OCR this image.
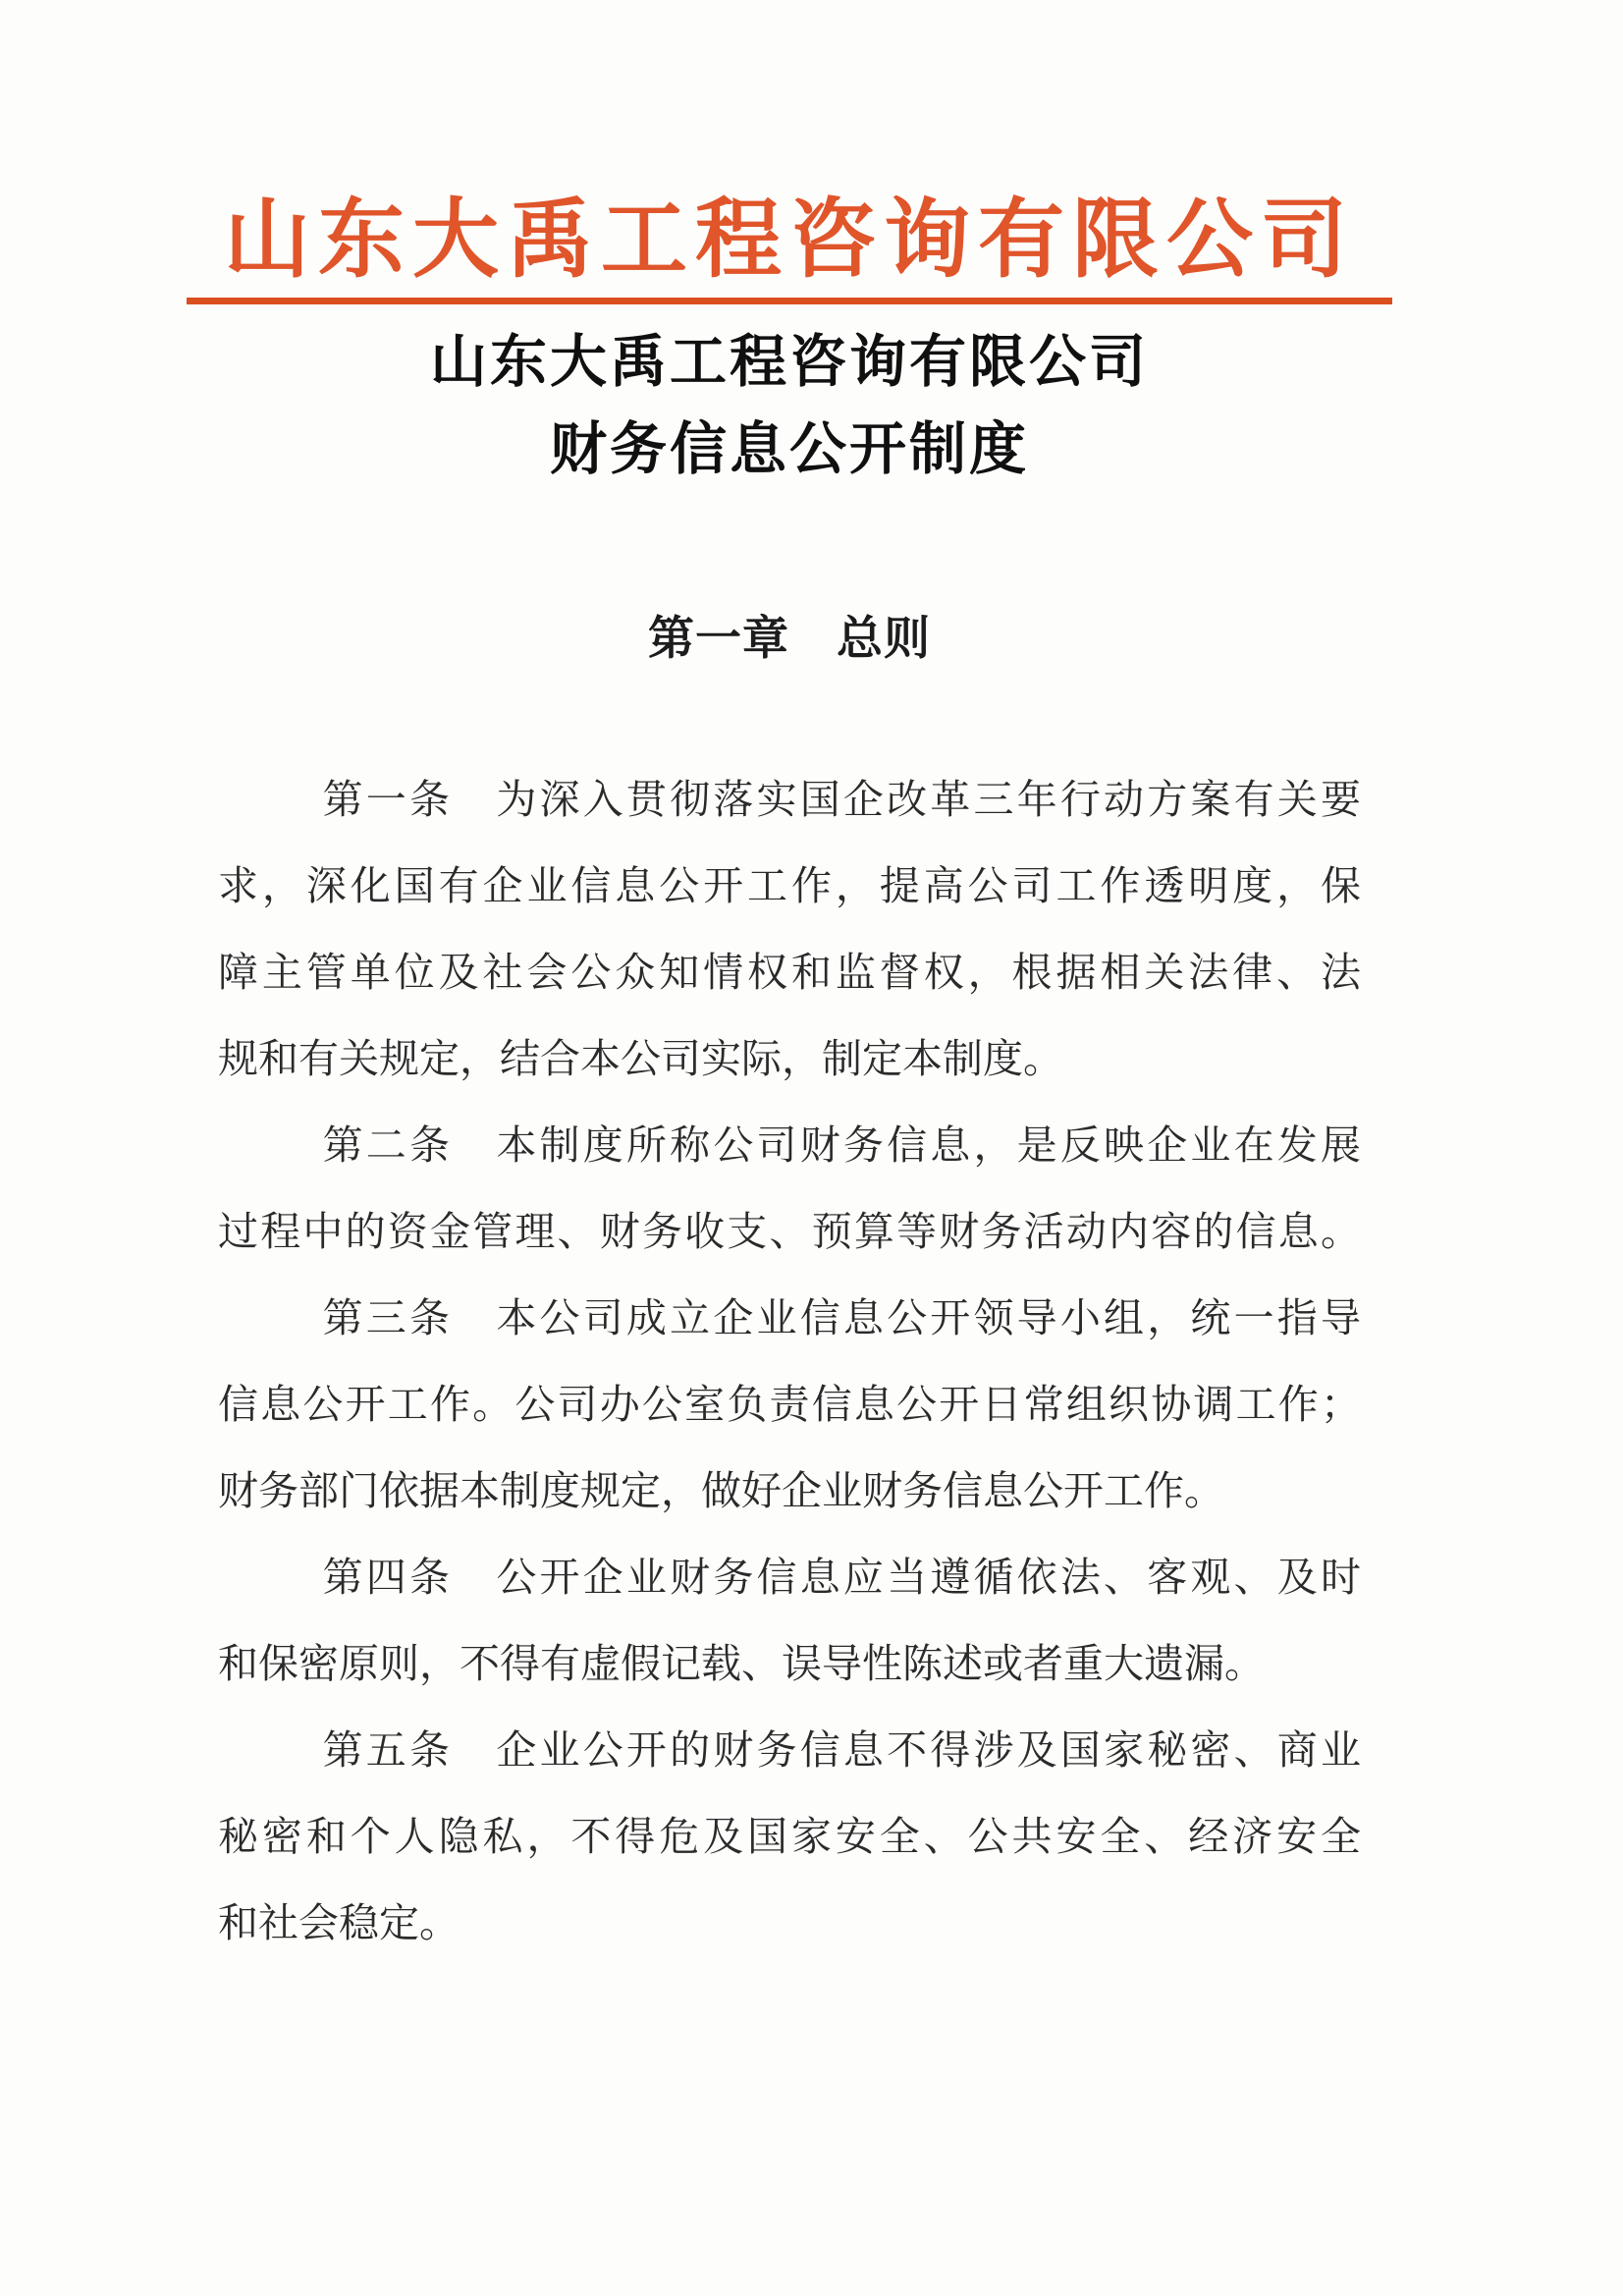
山东大禹工程咨询有限公司
山东大禹工程咨询有限公司
财务信息公开制度
第一章　总则
第一条　为深入贯彻落实国企改革三年行动方案有关要
求，深化国有企业信息公开工作，提高公司工作透明度，保
障主管单位及社会公众知情权和监督权，根据相关法律、法
规和有关规定，结合本公司实际，制定本制度。
第二条　本制度所称公司财务信息，是反映企业在发展
过程中的资金管理、财务收支、预算等财务活动内容的信息。
第三条　本公司成立企业信息公开领导小组，统一指导
信息公开工作。公司办公室负责信息公开日常组织协调工作；
财务部门依据本制度规定，做好企业财务信息公开工作。
第四条　公开企业财务信息应当遵循依法、客观、及时
和保密原则，不得有虚假记载、误导性陈述或者重大遗漏。
第五条　企业公开的财务信息不得涉及国家秘密、商业
秘密和个人隐私，不得危及国家安全、公共安全、经济安全
和社会稳定。
